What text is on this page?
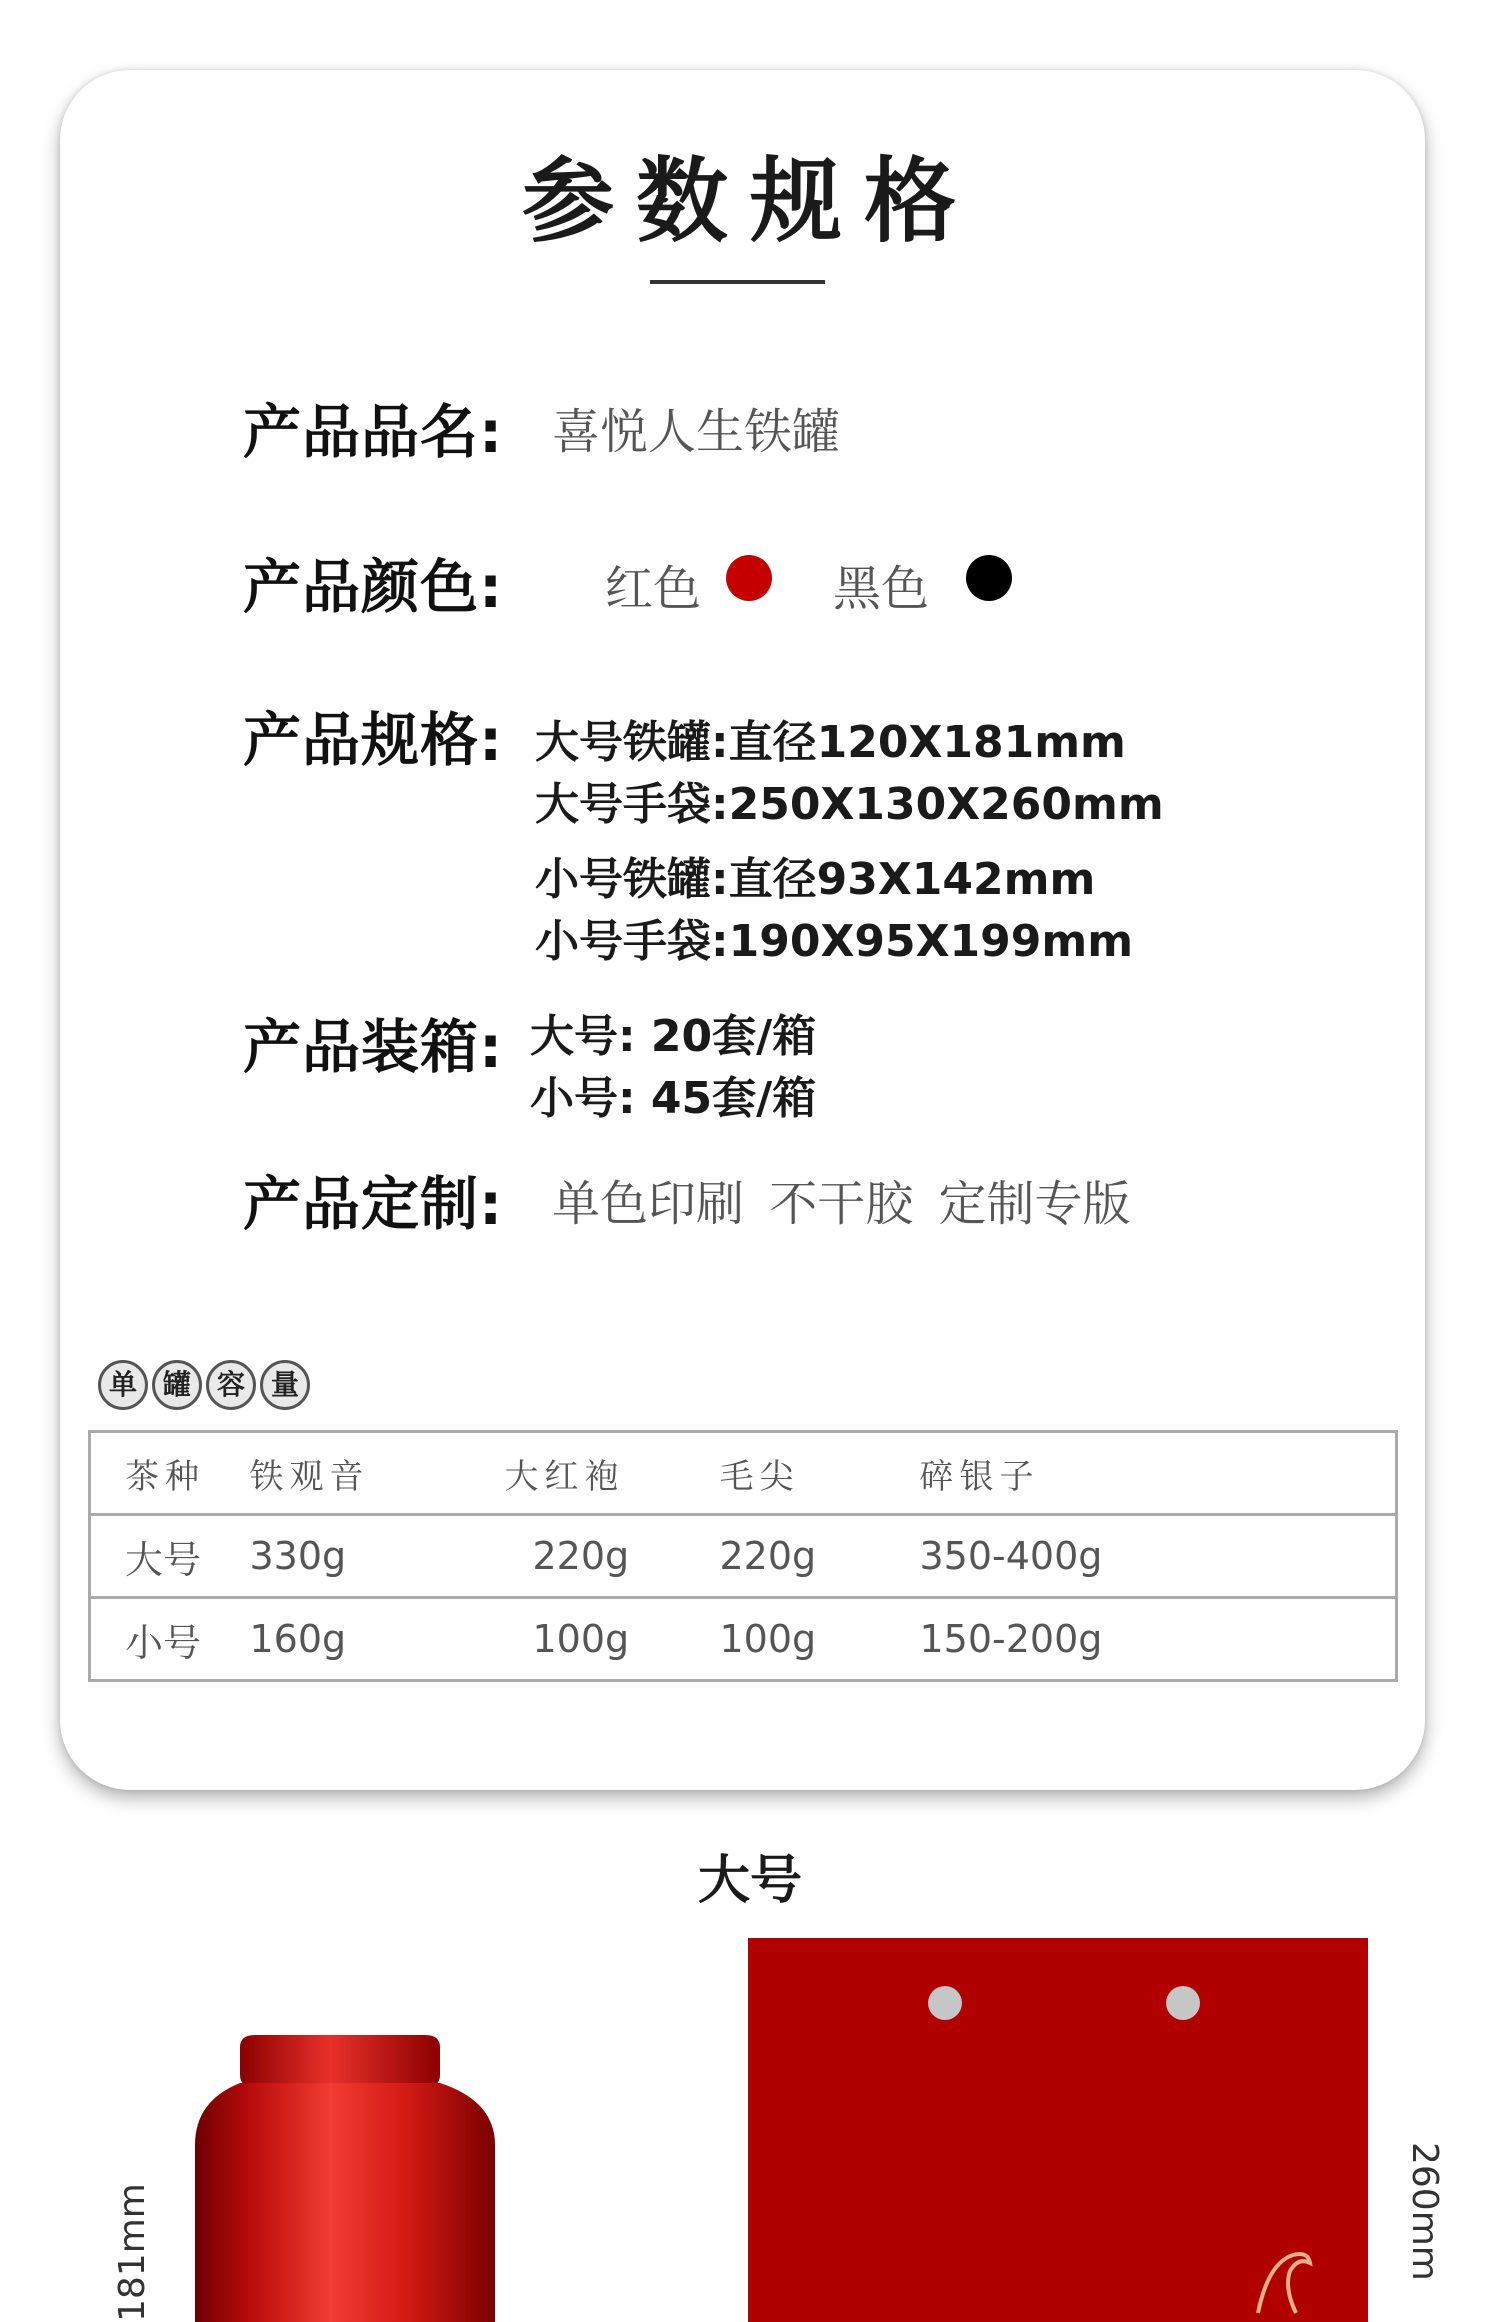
参数规格
产品品名: 喜悦人生铁罐
产品颜色: 红色	黑色
产品规格: 大号铁罐:直径120X181mm
大号手袋:250X130X260mm
小号铁罐:直径93X142mm
小号手袋:190X95X199mm
产品装箱: 大号: 20套/箱
小号: 45套/箱
产品定制: 单色印刷 不干胶 定制专版
单 罐 容 量
茶种	铁观音	大红袍	毛尖	碎银子
大号	330g	220g	220g	350-400g
小号	160g	100g	100g	150-200g
大号
181mm	260mm
